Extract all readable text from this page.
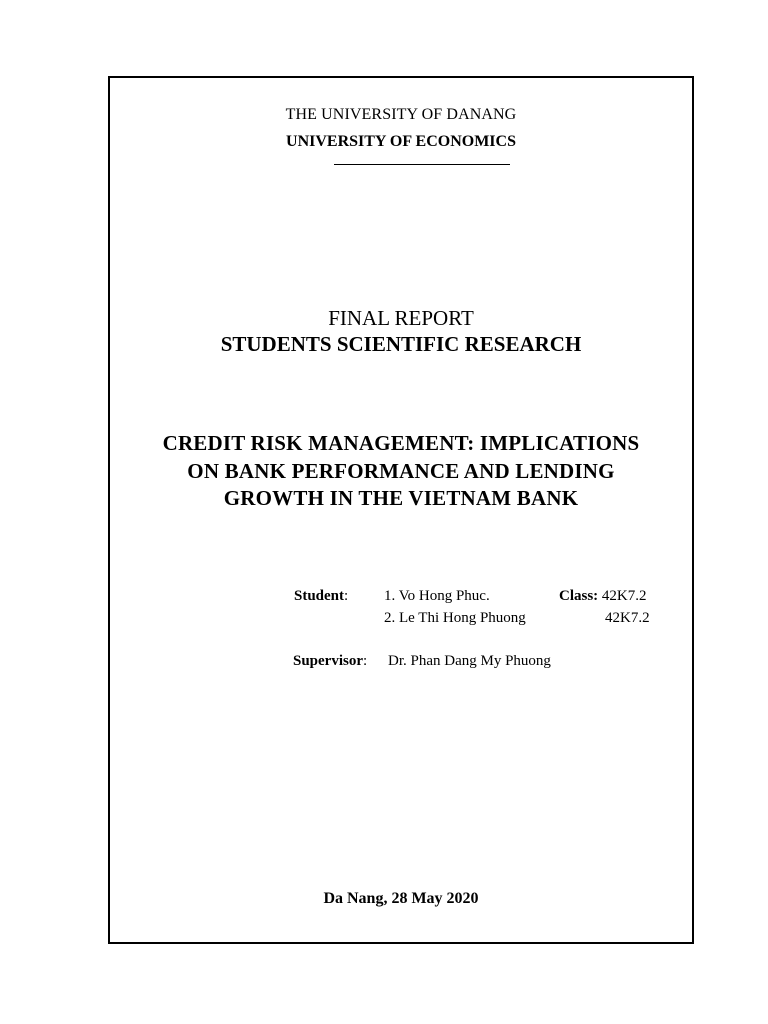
THE UNIVERSITY OF DANANG
UNIVERSITY OF ECONOMICS
FINAL REPORT
STUDENTS SCIENTIFIC RESEARCH
CREDIT RISK MANAGEMENT: IMPLICATIONS
ON BANK PERFORMANCE AND LENDING
GROWTH IN THE VIETNAM BANK
Student: 1. Vo Hong Phuc.	Class: 42K7.2
2. Le Thi Hong Phuong	42K7.2
Supervisor: Dr. Phan Dang My Phuong
Da Nang, 28 May 2020
